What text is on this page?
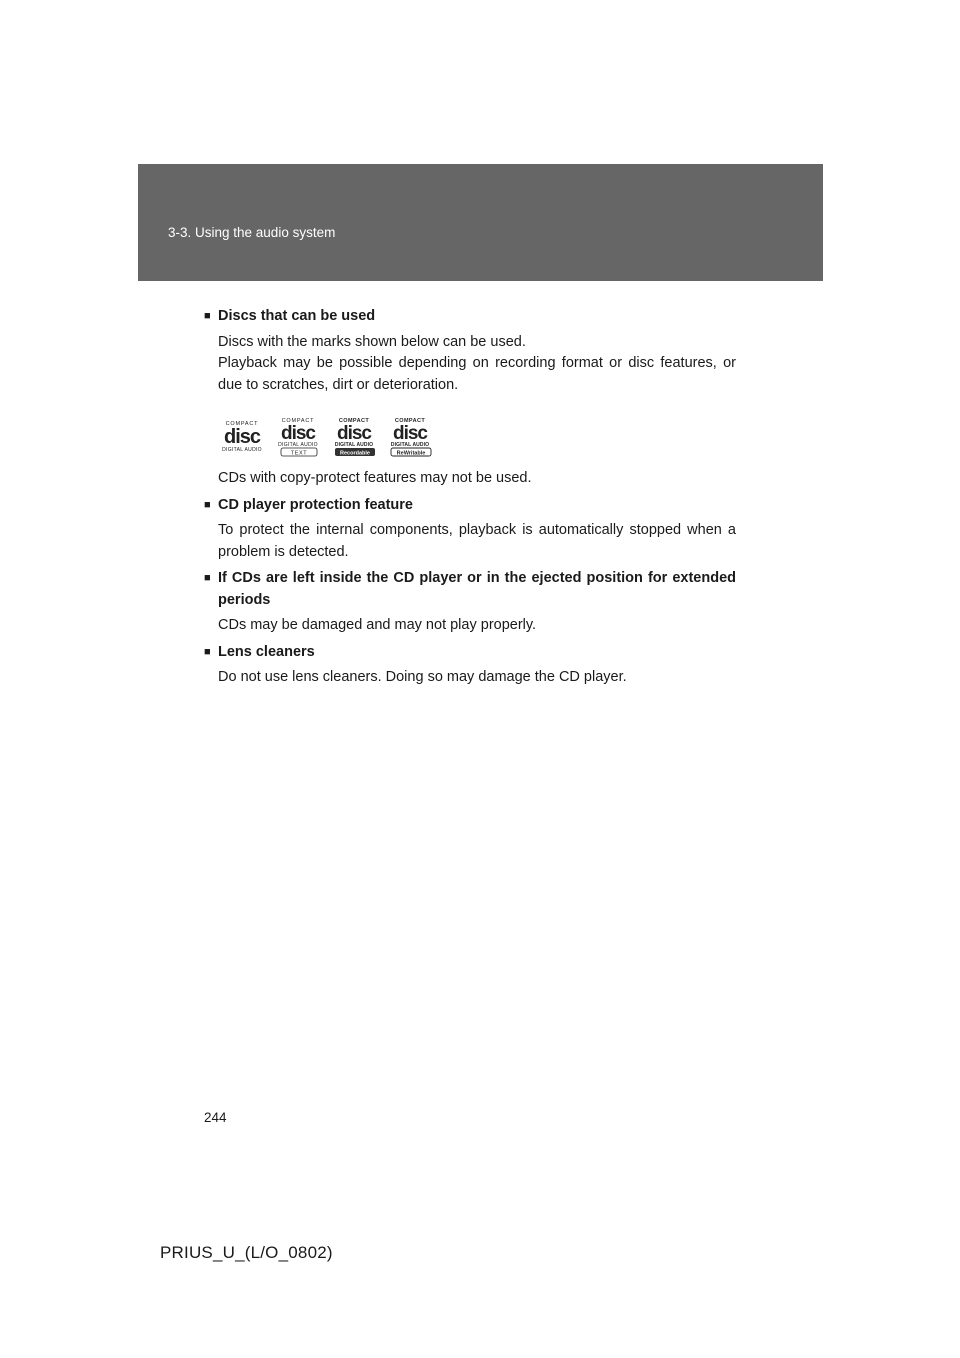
3-3. Using the audio system
■ Discs that can be used

Discs with the marks shown below can be used.

Playback may be possible depending on recording format or disc features, or due to scratches, dirt or deterioration.

COMPACT
disc
DIGITAL AUDIO
COMPACT
disc
DIGITAL AUDIO
TEXT
COMPACT
disc
DIGITAL AUDIO
Recordable
COMPACT
disc
DIGITAL AUDIO
ReWritable

CDs with copy-protect features may not be used.

■ CD player protection feature

To protect the internal components, playback is automatically stopped when a problem is detected.

■ If CDs are left inside the CD player or in the ejected position for extended periods

CDs may be damaged and may not play properly.

■ Lens cleaners

Do not use lens cleaners. Doing so may damage the CD player.

244
PRIUS_U_(L/O_0802)
